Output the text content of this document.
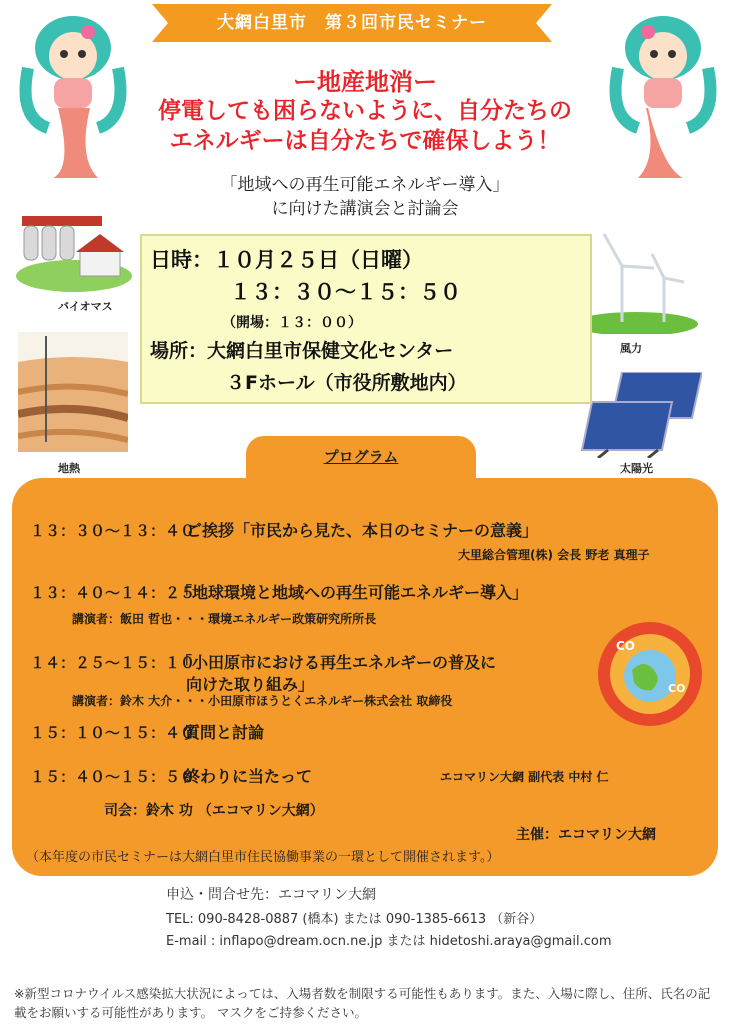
大網白里市　第３回市民セミナー
ー地産地消ー
停電しても困らないように、自分たちの
エネルギーは自分たちで確保しよう！
「地域への再生可能エネルギー導入」
に向けた講演会と討論会
バイオマス
地熱
風力
太陽光
日時：１０月２５日（日曜）
１３：３０〜１５：５０
（開場：１３：００）
場所：大網白里市保健文化センター
３Fホール（市役所敷地内）
プログラム
CO
CO
１３：３０〜１３：４０
ご挨拶「市民から見た、本日のセミナーの意義」
大里総合管理(株) 会長 野老 真理子
１３：４０〜１４：２５
「地球環境と地域への再生可能エネルギー導入」
講演者：飯田 哲也・・・環境エネルギー政策研究所所長
１４：２５〜１５：１０
「小田原市における再生エネルギーの普及に
向けた取り組み」
講演者：鈴木 大介・・・小田原市ほうとくエネルギー株式会社 取締役
１５：１０〜１５：４０
質問と討論
１５：４０〜１５：５０
終わりに当たって	エコマリン大網 副代表 中村 仁
司会：鈴木 功 （エコマリン大網）
主催：エコマリン大網
（本年度の市民セミナーは大網白里市住民協働事業の一環として開催されます。）
申込・問合せ先：エコマリン大網
TEL: 090-8428-0887 (橋本) または 090-1385-6613 （新谷）
E-mail : inflapo@dream.ocn.ne.jp または hidetoshi.araya@gmail.com
※新型コロナウイルス感染拡大状況によっては、入場者数を制限する可能性もあります。また、入場に際し、住所、氏名の記載をお願いする可能性があります。 マスクをご持参ください。
